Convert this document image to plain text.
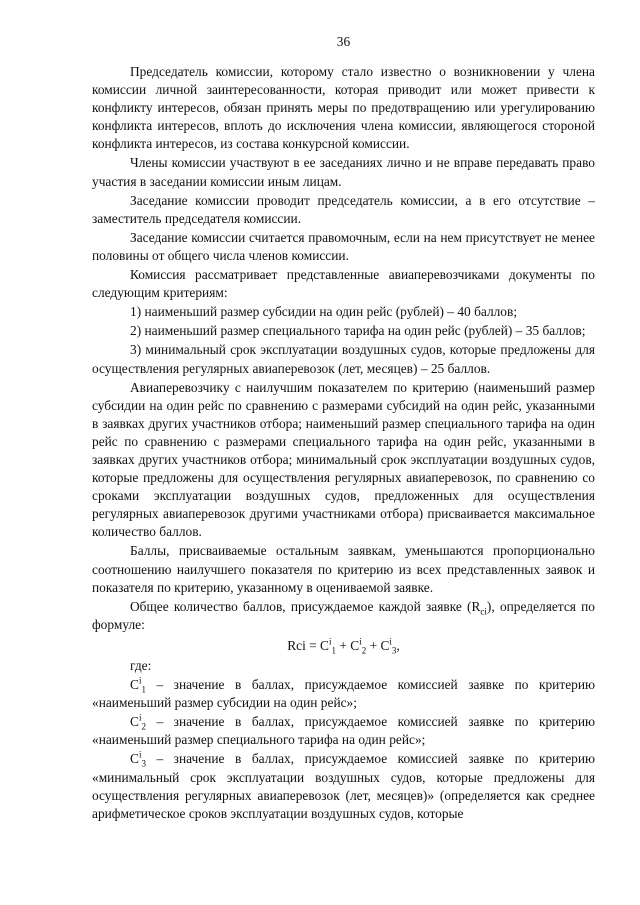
36

Председатель комиссии, которому стало известно о возникновении у члена комиссии личной заинтересованности, которая приводит или может привести к конфликту интересов, обязан принять меры по предотвращению или урегулированию конфликта интересов, вплоть до исключения члена комиссии, являющегося стороной конфликта интересов, из состава конкурсной комиссии.

Члены комиссии участвуют в ее заседаниях лично и не вправе передавать право участия в заседании комиссии иным лицам.

Заседание комиссии проводит председатель комиссии, а в его отсутствие – заместитель председателя комиссии.

Заседание комиссии считается правомочным, если на нем присутствует не менее половины от общего числа членов комиссии.

Комиссия рассматривает представленные авиаперевозчиками документы по следующим критериям:

1) наименьший размер субсидии на один рейс (рублей) – 40 баллов;

2) наименьший размер специального тарифа на один рейс (рублей) – 35 баллов;

3) минимальный срок эксплуатации воздушных судов, которые предложены для осуществления регулярных авиаперевозок (лет, месяцев) – 25 баллов.

Авиаперевозчику с наилучшим показателем по критерию (наименьший размер субсидии на один рейс по сравнению с размерами субсидий на один рейс, указанными в заявках других участников отбора; наименьший размер специального тарифа на один рейс по сравнению с размерами специального тарифа на один рейс, указанными в заявках других участников отбора; минимальный срок эксплуатации воздушных судов, которые предложены для осуществления регулярных авиаперевозок, по сравнению со сроками эксплуатации воздушных судов, предложенных для осуществления регулярных авиаперевозок другими участниками отбора) присваивается максимальное количество баллов.

Баллы, присваиваемые остальным заявкам, уменьшаются пропорционально соотношению наилучшего показателя по критерию из всех представленных заявок и показателя по критерию, указанному в оцениваемой заявке.

Общее количество баллов, присуждаемое каждой заявке $(R_{ci})$, определяется по формуле:

Rci = $C^i_1 + C^i_2 + C^i_3$,

где:

$C^i_1$ – значение в баллах, присуждаемое комиссией заявке по критерию «наименьший размер субсидии на один рейс»;

$C^i_2$ – значение в баллах, присуждаемое комиссией заявке по критерию «наименьший размер специального тарифа на один рейс»;

$C^i_3$ – значение в баллах, присуждаемое комиссией заявке по критерию «минимальный срок эксплуатации воздушных судов, которые предложены для осуществления регулярных авиаперевозок (лет, месяцев)» (определяется как среднее арифметическое сроков эксплуатации воздушных судов, которые
